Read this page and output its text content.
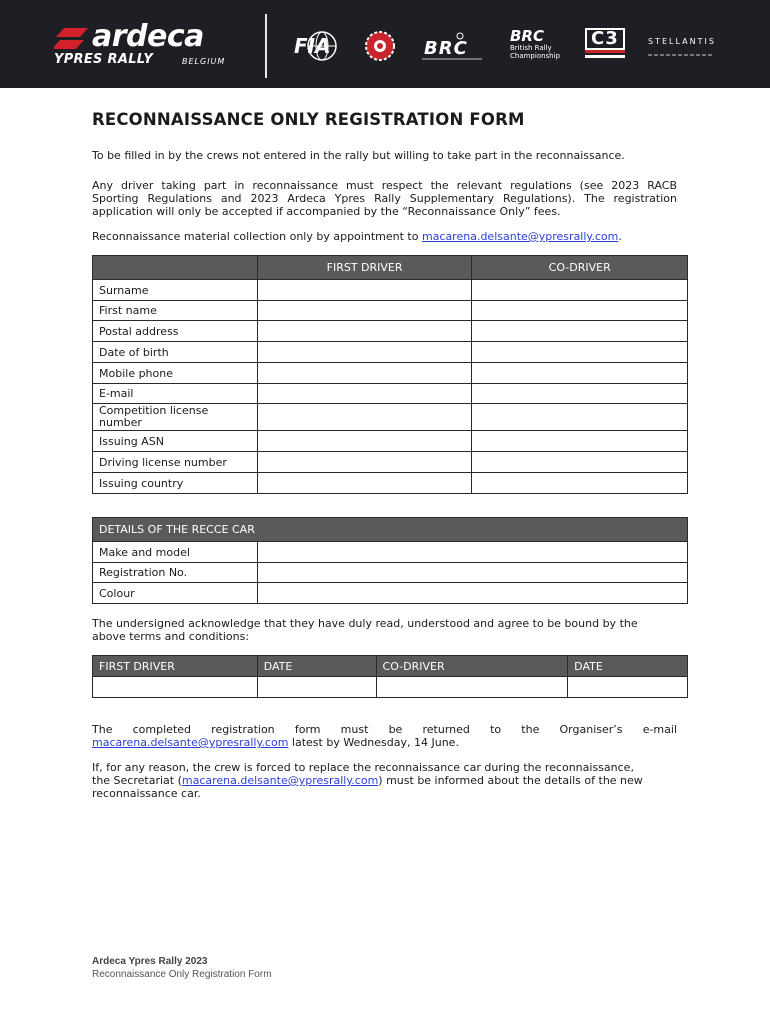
ardeca
YPRES RALLY	BELGIUM
FIA	BRC
BRC
British Rally
Championship
C3	STELLANTIS
RECONNAISSANCE ONLY REGISTRATION FORM
To be filled in by the crews not entered in the rally but willing to take part in the reconnaissance.
Any driver taking part in reconnaissance must respect the relevant regulations (see 2023 RACB
Sporting Regulations and 2023 Ardeca Ypres Rally Supplementary Regulations). The registration
application will only be accepted if accompanied by the “Reconnaissance Only” fees.
Reconnaissance material collection only by appointment to macarena.delsante@ypresrally.com.
	FIRST DRIVER	CO-DRIVER
Surname		
First name		
Postal address		
Date of birth		
Mobile phone		
E-mail		
Competition license number		
Issuing ASN		
Driving license number		
Issuing country		
DETAILS OF THE RECCE CAR	
Make and model	
Registration No.	
Colour	
The undersigned acknowledge that they have duly read, understood and agree to be bound by the
above terms and conditions:
FIRST DRIVER	DATE	CO-DRIVER	DATE

The completed registration form must be returned to the Organiser’s e-mail
macarena.delsante@ypresrally.com latest by Wednesday, 14 June.
If, for any reason, the crew is forced to replace the reconnaissance car during the reconnaissance,
the Secretariat (macarena.delsante@ypresrally.com) must be informed about the details of the new
reconnaissance car.
Ardeca Ypres Rally 2023
Reconnaissance Only Registration Form
